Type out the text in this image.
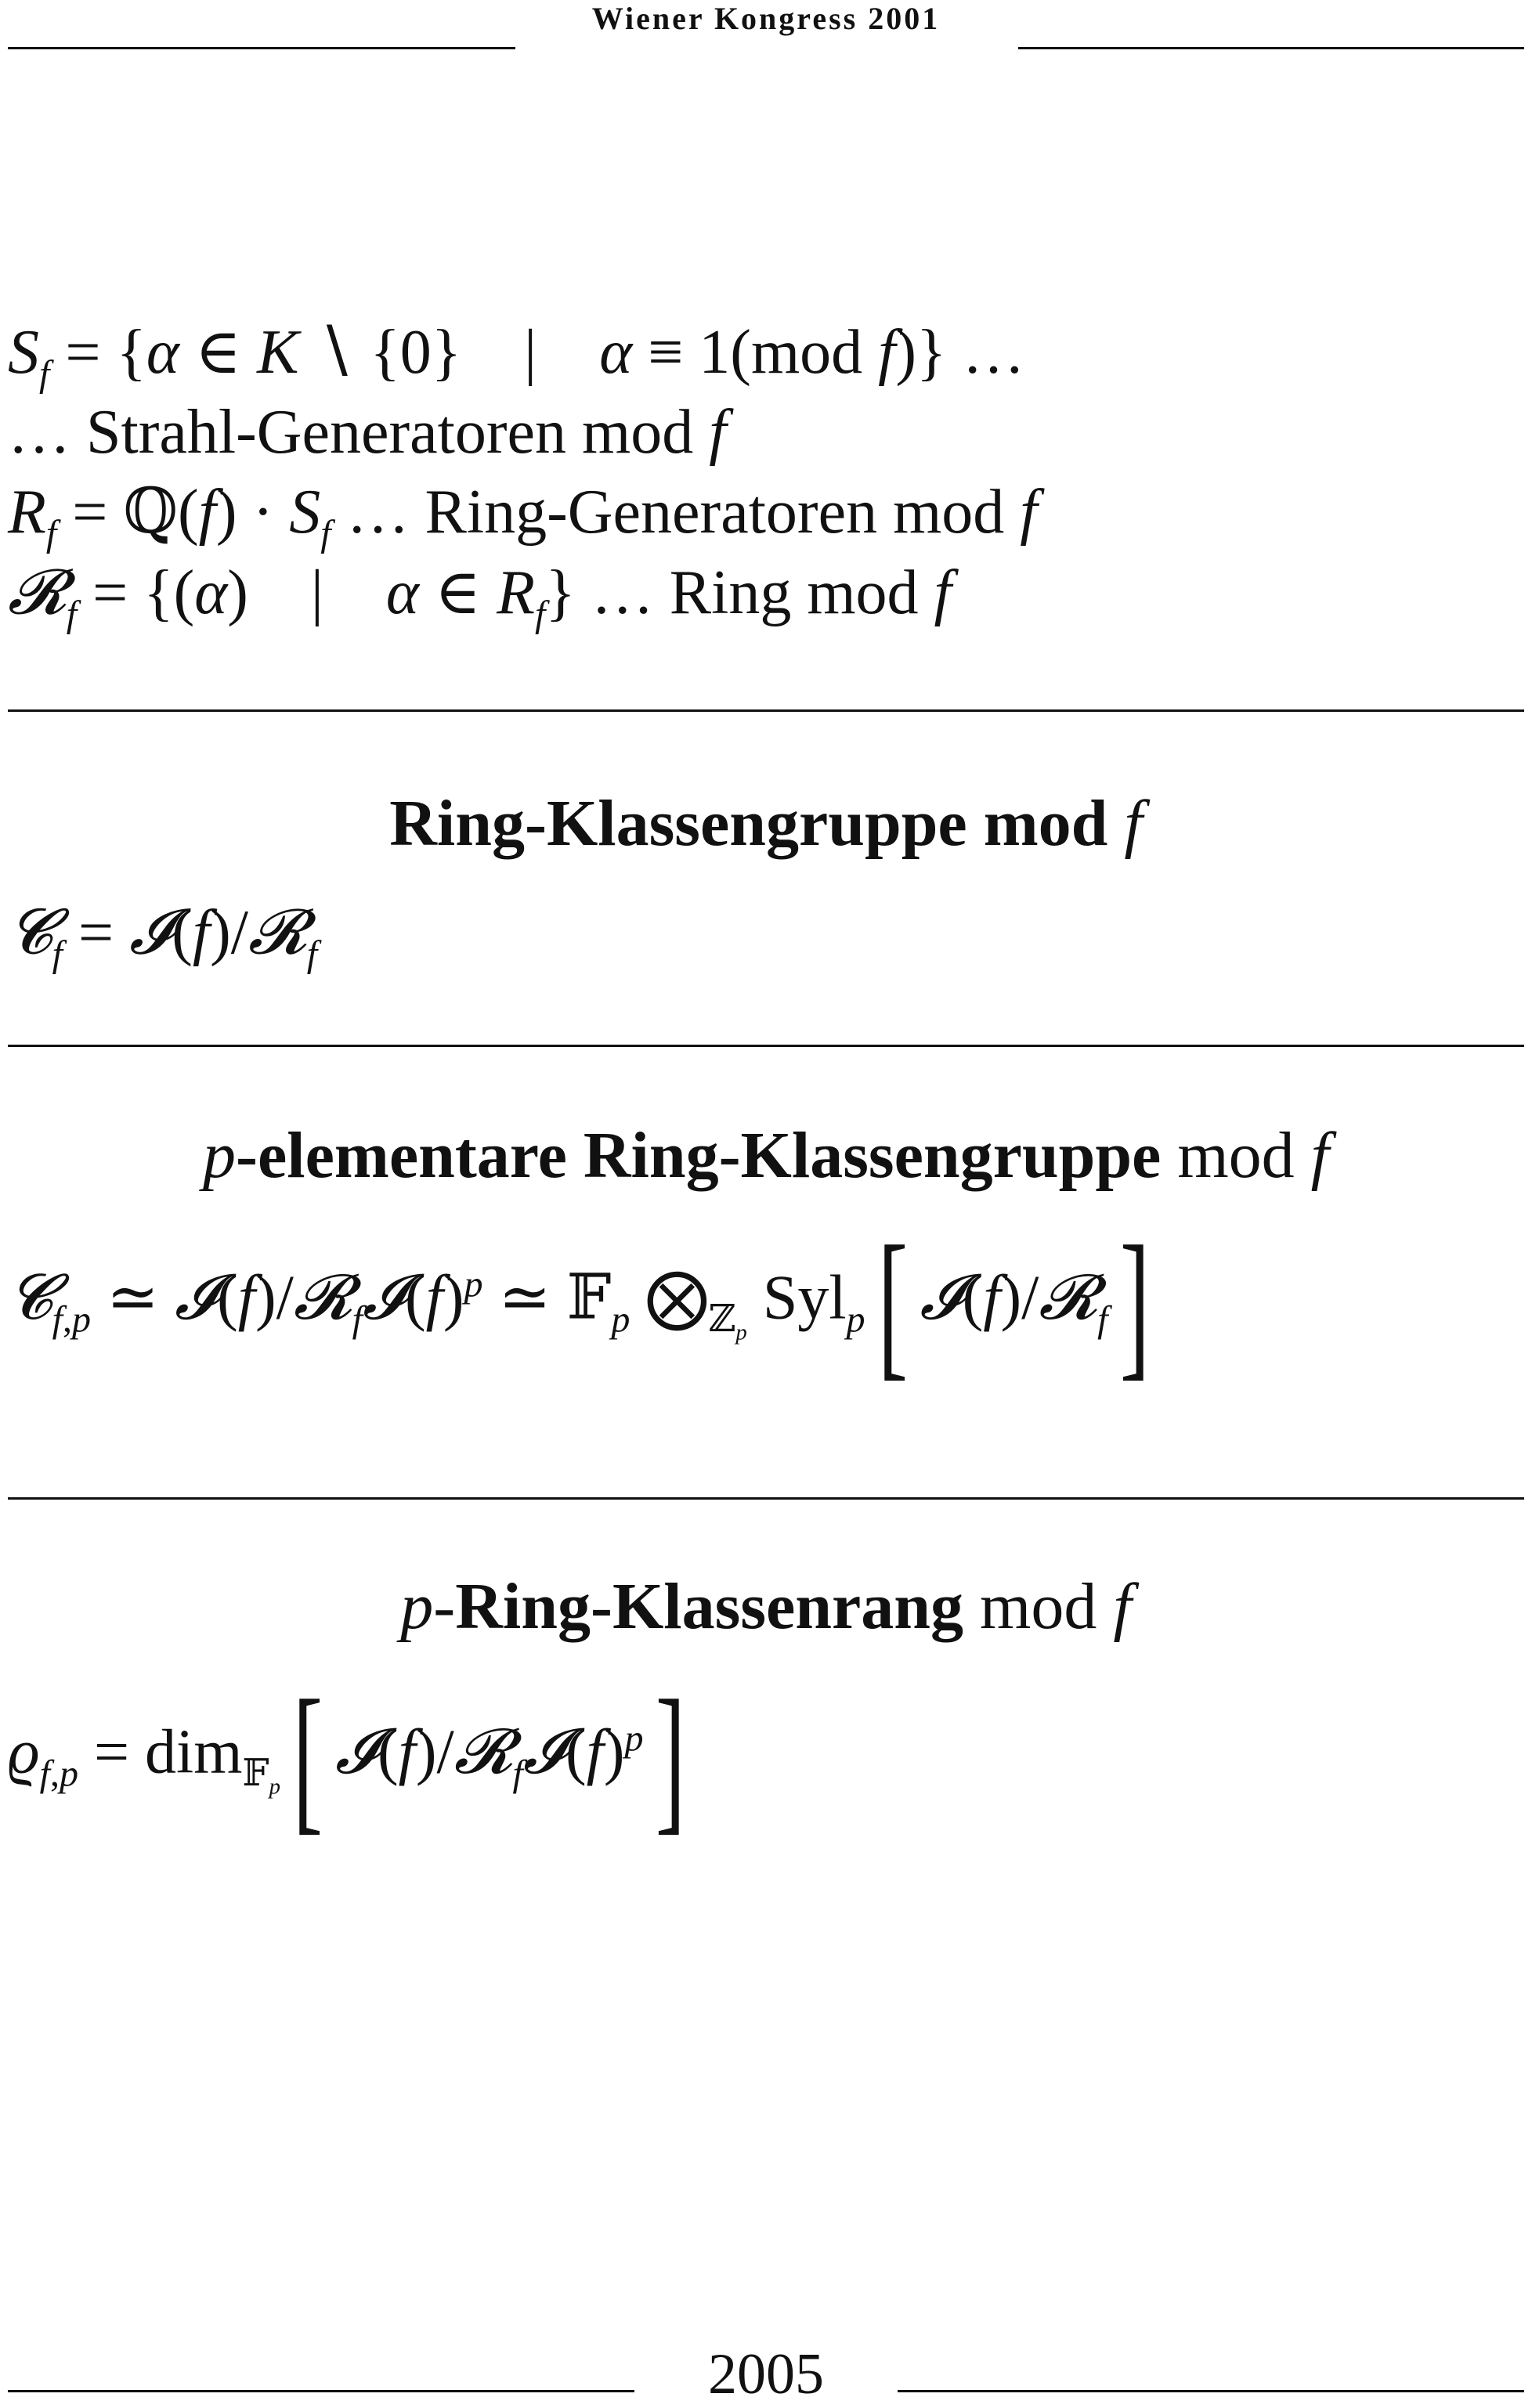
Wiener Kongress 2001
$S_f = \{\alpha$ ∈ K ∖ {0}    |    α ≡ 1(mod f)} …
… Strahl-Generatoren mod f
$R_f$ = ℚ(f) · $S_f$ … Ring-Generatoren mod f
𝓡$_f$ = {(α)    |    α ∈ $R_f$} … Ring mod f
Ring-Klassengruppe mod f
𝓒$_f$ = 𝓘(f)/𝓡$_f$
p-elementare Ring-Klassengruppe mod f
𝓒$_{f,p}$ ≃ $𝓘(f)/𝓡_f𝓘(f)^p$ ≃ 𝔽$_p$ $⨂_{ℤ_p}$ Syl$_p$[ 𝓘(f)/𝓡$_f$]
p-Ring-Klassenrang mod f
$ϱ_{f,p} = dim_{𝔽_p}$[ $𝓘(f)/𝓡_f𝓘(f)^p$]
2005
